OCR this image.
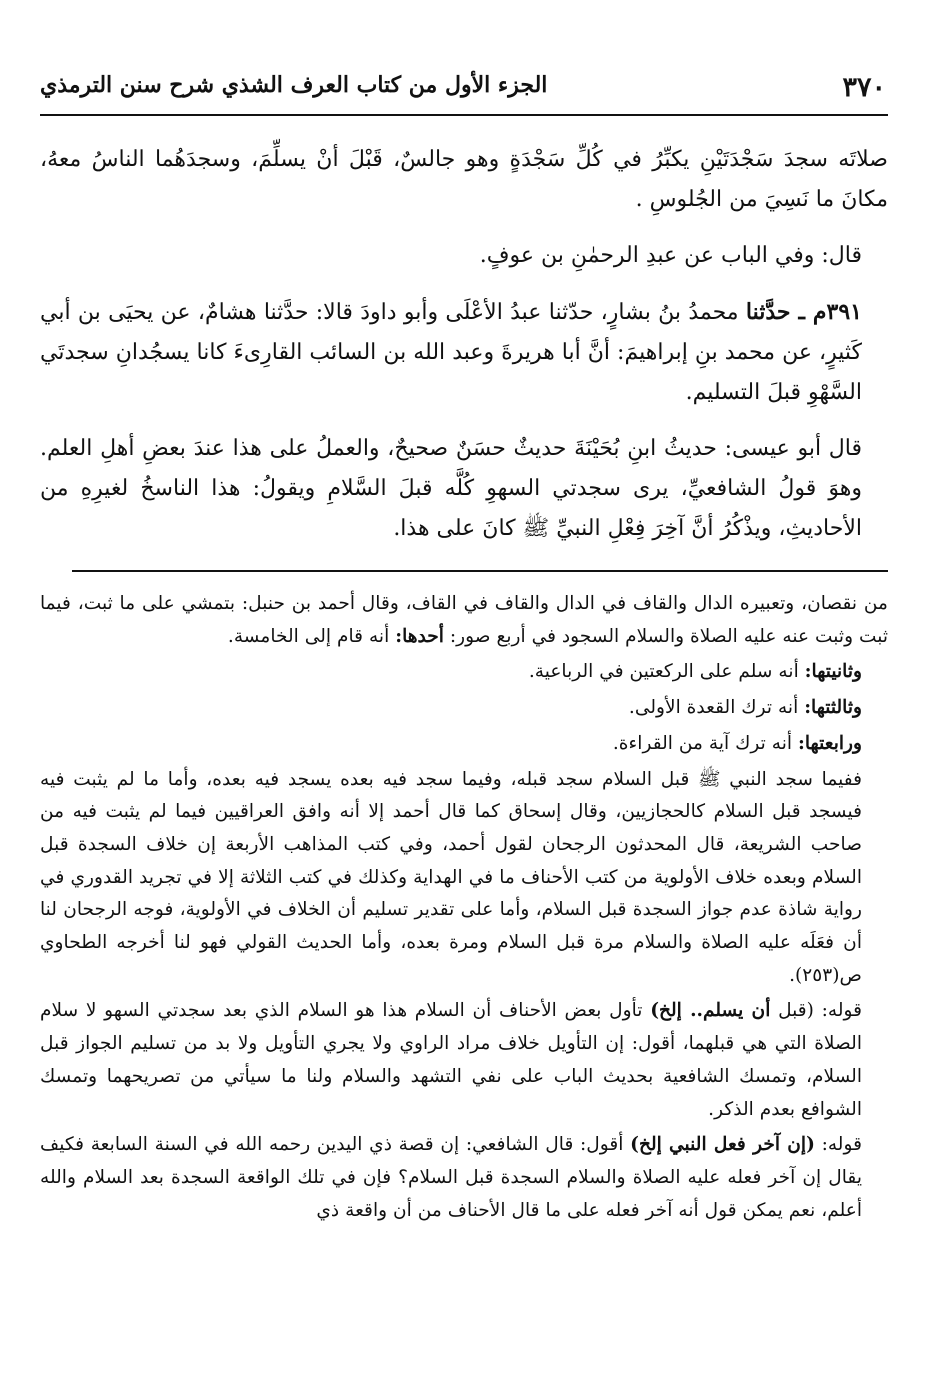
٣٧٠
الجزء الأول من كتاب العرف الشذي شرح سنن الترمذي

صلاتَه سجدَ سَجْدَتَيْنِ يكبِّرُ في كُلِّ سَجْدَةٍ وهو جالسٌ، قَبْلَ أنْ يسلِّمَ، وسجدَهُما الناسُ معهُ، مكانَ ما نَسِيَ من الجُلوسِ .

قال: وفي الباب عن عبدِ الرحمٰنِ بن عوفٍ.

٣٩١م ـ حدَّثنا محمدُ بنُ بشارٍ، حدّثنا عبدُ الأعْلَى وأبو داودَ قالا: حدَّثنا هشامٌ، عن يحيَى بن أبي كَثيرٍ، عن محمد بنِ إبراهيمَ: أنَّ أبا هريرةَ وعبد الله بن السائب القارِىءَ كانا يسجُدانِ سجدتَي السَّهْوِ قبلَ التسليم.

قال أبو عيسى: حديثُ ابنِ بُحَيْنَةَ حديثٌ حسَنٌ صحيحٌ، والعملُ على هذا عندَ بعضِ أهلِ العلم. وهوَ قولُ الشافعيِّ، يرى سجدتي السهوِ كُلَّه قبلَ السَّلامِ ويقولُ: هذا الناسخُ لغيرِهِ من الأحاديثِ، ويذْكُرُ أنَّ آخِرَ فِعْلِ النبيِّ ﷺ كانَ على هذا.

من نقصان، وتعبيره الدال والقاف في الدال والقاف في القاف، وقال أحمد بن حنبل: بتمشي على ما ثبت، فيما ثبت وثبت عنه عليه الصلاة والسلام السجود في أربع صور: أحدها: أنه قام إلى الخامسة.

وثانيتها: أنه سلم على الركعتين في الرباعية.

وثالثتها: أنه ترك القعدة الأولى.

ورابعتها: أنه ترك آية من القراءة.

ففيما سجد النبي ﷺ قبل السلام سجد قبله، وفيما سجد فيه بعده يسجد فيه بعده، وأما ما لم يثبت فيه فيسجد قبل السلام كالحجازيين، وقال إسحاق كما قال أحمد إلا أنه وافق العراقيين فيما لم يثبت فيه من صاحب الشريعة، قال المحدثون الرجحان لقول أحمد، وفي كتب المذاهب الأربعة إن خلاف السجدة قبل السلام وبعده خلاف الأولوية من كتب الأحناف ما في الهداية وكذلك في كتب الثلاثة إلا في تجريد القدوري في رواية شاذة عدم جواز السجدة قبل السلام، وأما على تقدير تسليم أن الخلاف في الأولوية، فوجه الرجحان لنا أن فعَلَه عليه الصلاة والسلام مرة قبل السلام ومرة بعده، وأما الحديث القولي فهو لنا أخرجه الطحاوي ص(٢٥٣).

قوله: (قبل أن يسلم.. إلخ) تأول بعض الأحناف أن السلام هذا هو السلام الذي بعد سجدتي السهو لا سلام الصلاة التي هي قبلهما، أقول: إن التأويل خلاف مراد الراوي ولا يجري التأويل ولا بد من تسليم الجواز قبل السلام، وتمسك الشافعية بحديث الباب على نفي التشهد والسلام ولنا ما سيأتي من تصريحهما وتمسك الشوافع بعدم الذكر.

قوله: (إن آخر فعل النبي إلخ) أقول: قال الشافعي: إن قصة ذي اليدين رحمه الله في السنة السابعة فكيف يقال إن آخر فعله عليه الصلاة والسلام السجدة قبل السلام؟ فإن في تلك الواقعة السجدة بعد السلام والله أعلم، نعم يمكن قول أنه آخر فعله على ما قال الأحناف من أن واقعة ذي
